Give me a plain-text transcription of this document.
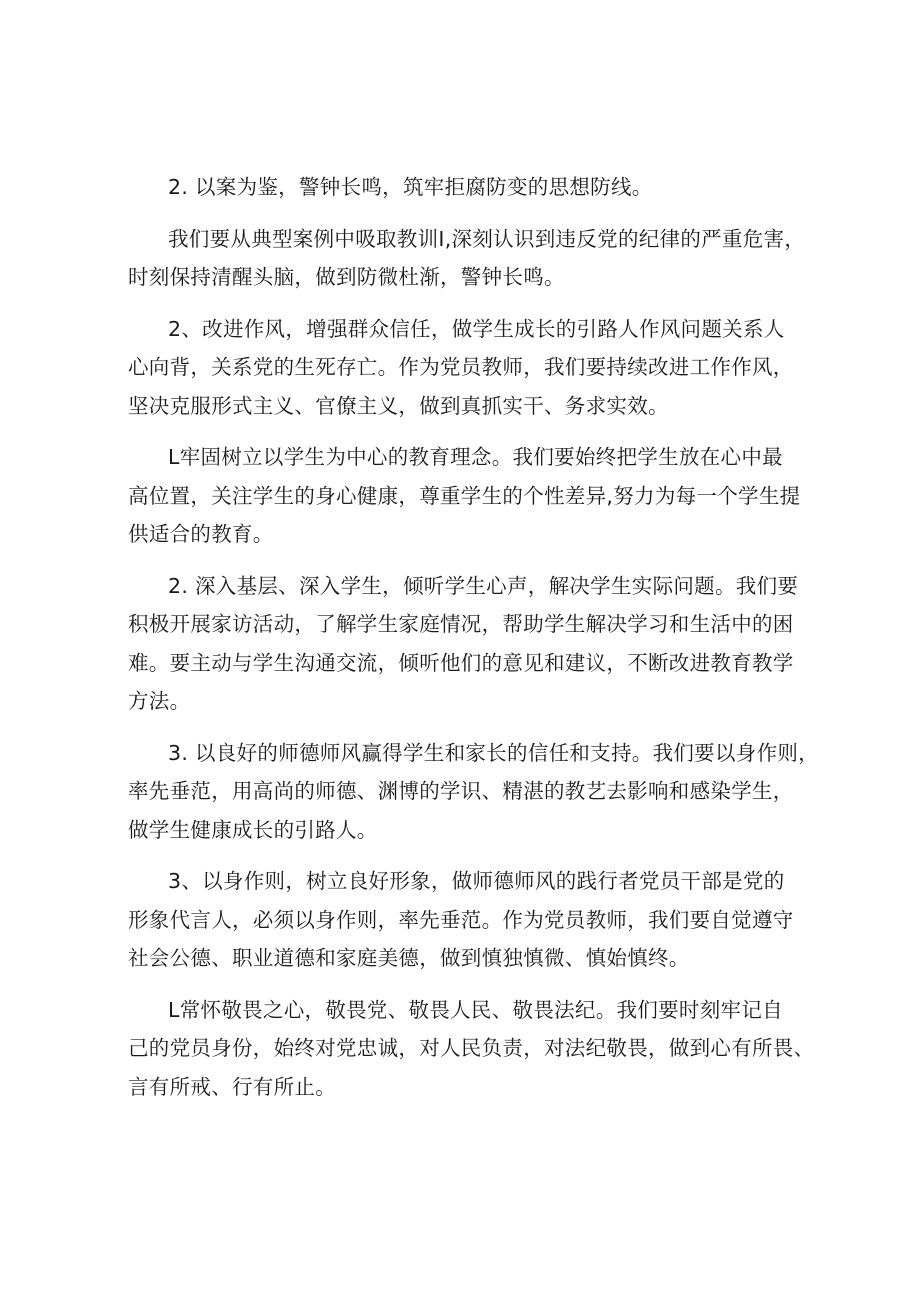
2. 以案为鉴，警钟长鸣，筑牢拒腐防变的思想防线。

我们要从典型案例中吸取教训I,深刻认识到违反党的纪律的严重危害，
时刻保持清醒头脑，做到防微杜渐，警钟长鸣。

2、改进作风，增强群众信任，做学生成长的引路人作风问题关系人
心向背，关系党的生死存亡。作为党员教师，我们要持续改进工作作风，
坚决克服形式主义、官僚主义，做到真抓实干、务求实效。

L牢固树立以学生为中心的教育理念。我们要始终把学生放在心中最
高位置，关注学生的身心健康，尊重学生的个性差异,努力为每一个学生提
供适合的教育。

2. 深入基层、深入学生，倾听学生心声，解决学生实际问题。我们要
积极开展家访活动，了解学生家庭情况，帮助学生解决学习和生活中的困
难。要主动与学生沟通交流，倾听他们的意见和建议，不断改进教育教学
方法。

3. 以良好的师德师风赢得学生和家长的信任和支持。我们要以身作则，
率先垂范，用高尚的师德、渊博的学识、精湛的教艺去影响和感染学生，
做学生健康成长的引路人。

3、以身作则，树立良好形象，做师德师风的践行者党员干部是党的
形象代言人，必须以身作则，率先垂范。作为党员教师，我们要自觉遵守
社会公德、职业道德和家庭美德，做到慎独慎微、慎始慎终。

L常怀敬畏之心，敬畏党、敬畏人民、敬畏法纪。我们要时刻牢记自
己的党员身份，始终对党忠诚，对人民负责，对法纪敬畏，做到心有所畏、
言有所戒、行有所止。
